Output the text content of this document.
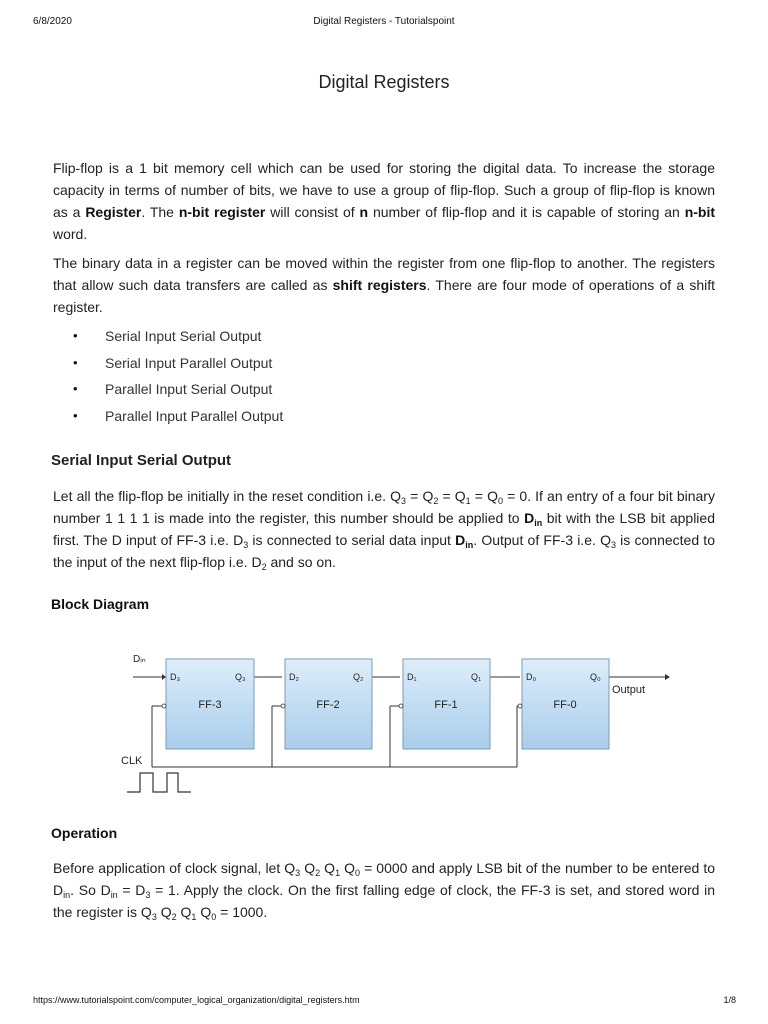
6/8/2020	Digital Registers - Tutorialspoint
Digital Registers

Flip-flop is a 1 bit memory cell which can be used for storing the digital data. To increase the storage capacity in terms of number of bits, we have to use a group of flip-flop. Such a group of flip-flop is known as a Register. The n-bit register will consist of n number of flip-flop and it is capable of storing an n-bit word.

The binary data in a register can be moved within the register from one flip-flop to another. The registers that allow such data transfers are called as shift registers. There are four mode of operations of a shift register.

• Serial Input Serial Output
• Serial Input Parallel Output
• Parallel Input Serial Output
• Parallel Input Parallel Output
Serial Input Serial Output

Let all the flip-flop be initially in the reset condition i.e. $Q_3 = Q_2 = Q_1 = Q_0 = 0$. If an entry of a four bit binary number 1 1 1 1 is made into the register, this number should be applied to $D_{in}$ bit with the LSB bit applied first. The D input of FF-3 i.e. $D_3$ is connected to serial data input $D_{in}$. Output of FF-3 i.e. $Q_3$ is connected to the input of the next flip-flop i.e. $D_2$ and so on.

Block Diagram
Dᵢₙ
Output
D₃	Q₃
FF-3
D₂	Q₂
FF-2
D₁	Q₁
FF-1
D₀	Q₀
FF-0
CLK
Operation

Before application of clock signal, let $Q_3$ $Q_2$ $Q_1$ $Q_0 = 0000$ and apply LSB bit of the number to be entered to $D_{in}$. So $D_{in} = D_3 = 1$. Apply the clock. On the first falling edge of clock, the FF-3 is set, and stored word in the register is $Q_3$ $Q_2$ $Q_1$ $Q_0 = 1000$.

https://www.tutorialspoint.com/computer_logical_organization/digital_registers.htm	1/8
